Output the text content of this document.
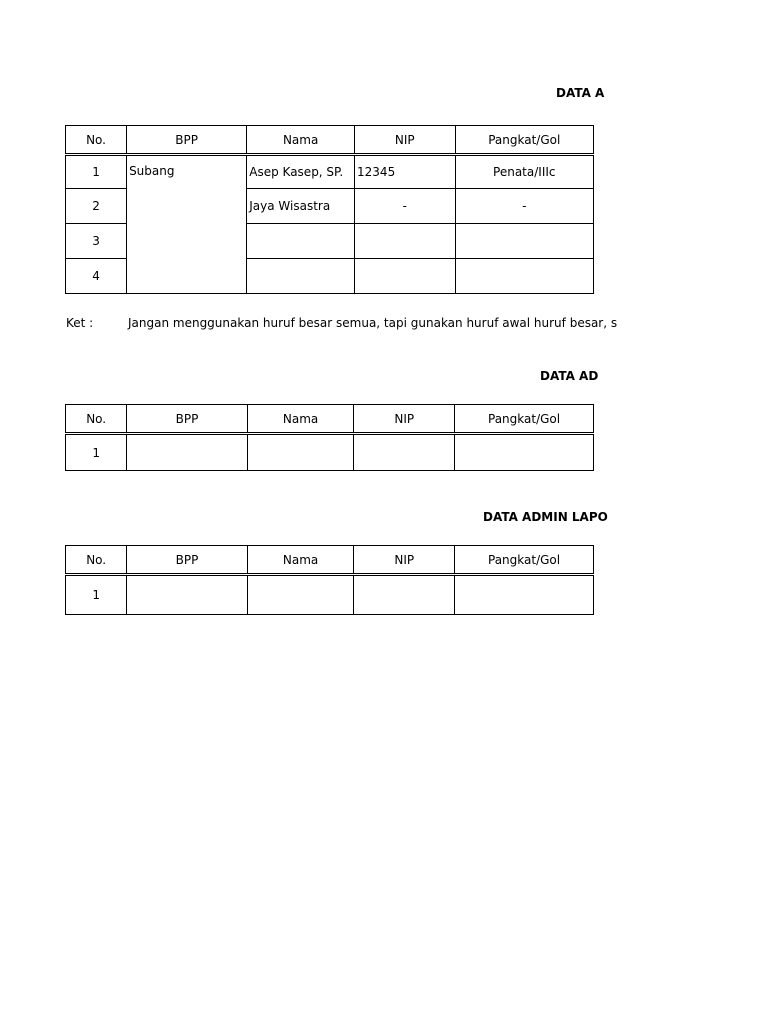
DATA A
No.	BPP	Nama	NIP	Pangkat/Gol
1	Subang	Asep Kasep, SP.	12345	Penata/IIIc
2		Jaya Wisastra	-	-
3				
4				
Ket :	Jangan menggunakan huruf besar semua, tapi gunakan huruf awal huruf besar, s
DATA AD
No.	BPP	Nama	NIP	Pangkat/Gol
1				
DATA ADMIN LAPO
No.	BPP	Nama	NIP	Pangkat/Gol
1				
